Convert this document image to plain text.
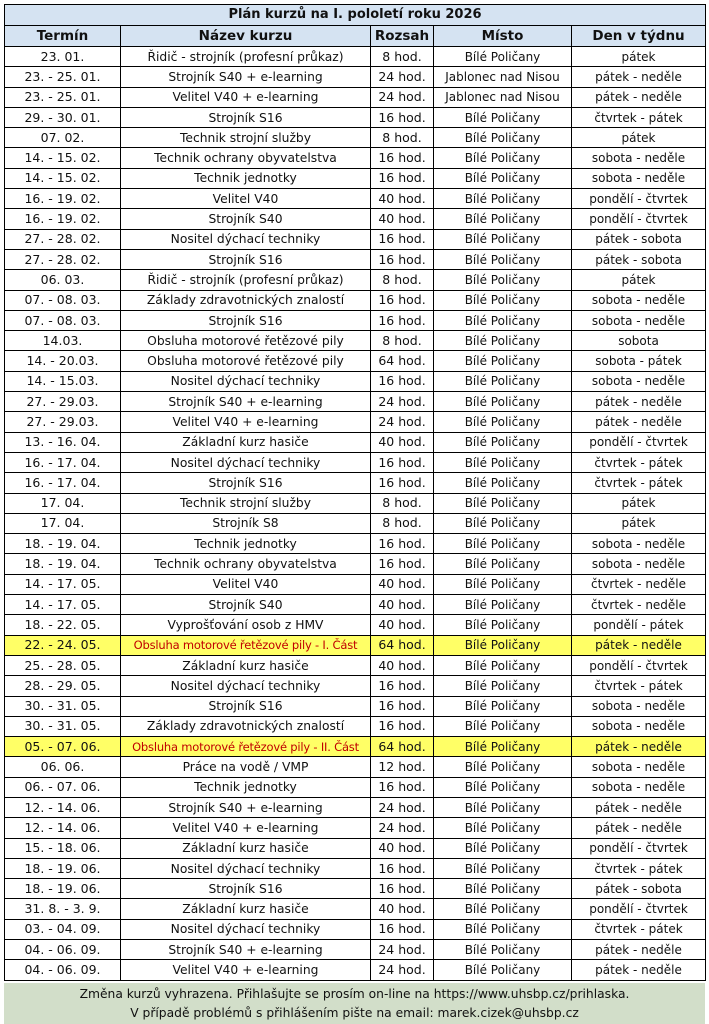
Plán kurzů na I. pololetí roku 2026				
Termín	Název kurzu	Rozsah	Místo	Den v týdnu
23. 01.	Řidič - strojník (profesní průkaz)	8 hod.	Bílé Poličany	pátek
23. - 25. 01.	Strojník S40 + e-learning	24 hod.	Jablonec nad Nisou	pátek - neděle
23. - 25. 01.	Velitel V40 + e-learning	24 hod.	Jablonec nad Nisou	pátek - neděle
29. - 30. 01.	Strojník S16	16 hod.	Bílé Poličany	čtvrtek - pátek
07. 02.	Technik strojní služby	8 hod.	Bílé Poličany	pátek
14. - 15. 02.	Technik ochrany obyvatelstva	16 hod.	Bílé Poličany	sobota - neděle
14. - 15. 02.	Technik jednotky	16 hod.	Bílé Poličany	sobota - neděle
16. - 19. 02.	Velitel V40	40 hod.	Bílé Poličany	pondělí - čtvrtek
16. - 19. 02.	Strojník S40	40 hod.	Bílé Poličany	pondělí - čtvrtek
27. - 28. 02.	Nositel dýchací techniky	16 hod.	Bílé Poličany	pátek - sobota
27. - 28. 02.	Strojník S16	16 hod.	Bílé Poličany	pátek - sobota
06. 03.	Řidič - strojník (profesní průkaz)	8 hod.	Bílé Poličany	pátek
07. - 08. 03.	Základy zdravotnických znalostí	16 hod.	Bílé Poličany	sobota - neděle
07. - 08. 03.	Strojník S16	16 hod.	Bílé Poličany	sobota - neděle
14.03.	Obsluha motorové řetězové pily	8 hod.	Bílé Poličany	sobota
14. - 20.03.	Obsluha motorové řetězové pily	64 hod.	Bílé Poličany	sobota - pátek
14. - 15.03.	Nositel dýchací techniky	16 hod.	Bílé Poličany	sobota - neděle
27. - 29.03.	Strojník S40 + e-learning	24 hod.	Bílé Poličany	pátek - neděle
27. - 29.03.	Velitel V40 + e-learning	24 hod.	Bílé Poličany	pátek - neděle
13. - 16. 04.	Základní kurz hasiče	40 hod.	Bílé Poličany	pondělí - čtvrtek
16. - 17. 04.	Nositel dýchací techniky	16 hod.	Bílé Poličany	čtvrtek - pátek
16. - 17. 04.	Strojník S16	16 hod.	Bílé Poličany	čtvrtek - pátek
17. 04.	Technik strojní služby	8 hod.	Bílé Poličany	pátek
17. 04.	Strojník S8	8 hod.	Bílé Poličany	pátek
18. - 19. 04.	Technik jednotky	16 hod.	Bílé Poličany	sobota - neděle
18. - 19. 04.	Technik ochrany obyvatelstva	16 hod.	Bílé Poličany	sobota - neděle
14. - 17. 05.	Velitel V40	40 hod.	Bílé Poličany	čtvrtek - neděle
14. - 17. 05.	Strojník S40	40 hod.	Bílé Poličany	čtvrtek - neděle
18. - 22. 05.	Vyprošťování osob z HMV	40 hod.	Bílé Poličany	pondělí - pátek
22. - 24. 05.	Obsluha motorové řetězové pily - I. Část	64 hod.	Bílé Poličany	pátek - neděle
25. - 28. 05.	Základní kurz hasiče	40 hod.	Bílé Poličany	pondělí - čtvrtek
28. - 29. 05.	Nositel dýchací techniky	16 hod.	Bílé Poličany	čtvrtek - pátek
30. - 31. 05.	Strojník S16	16 hod.	Bílé Poličany	sobota - neděle
30. - 31. 05.	Základy zdravotnických znalostí	16 hod.	Bílé Poličany	sobota - neděle
05. - 07. 06.	Obsluha motorové řetězové pily - II. Část	64 hod.	Bílé Poličany	pátek - neděle
06. 06.	Práce na vodě / VMP	12 hod.	Bílé Poličany	sobota - neděle
06. - 07. 06.	Technik jednotky	16 hod.	Bílé Poličany	sobota - neděle
12. - 14. 06.	Strojník S40 + e-learning	24 hod.	Bílé Poličany	pátek - neděle
12. - 14. 06.	Velitel V40 + e-learning	24 hod.	Bílé Poličany	pátek - neděle
15. - 18. 06.	Základní kurz hasiče	40 hod.	Bílé Poličany	pondělí - čtvrtek
18. - 19. 06.	Nositel dýchací techniky	16 hod.	Bílé Poličany	čtvrtek - pátek
18. - 19. 06.	Strojník S16	16 hod.	Bílé Poličany	pátek - sobota
31. 8. - 3. 9.	Základní kurz hasiče	40 hod.	Bílé Poličany	pondělí - čtvrtek
03. - 04. 09.	Nositel dýchací techniky	16 hod.	Bílé Poličany	čtvrtek - pátek
04. - 06. 09.	Strojník S40 + e-learning	24 hod.	Bílé Poličany	pátek - neděle
04. - 06. 09.	Velitel V40 + e-learning	24 hod.	Bílé Poličany	pátek - neděle
Změna kurzů vyhrazena. Přihlašujte se prosím on-line na https://www.uhsbp.cz/prihlaska.
V případě problémů s přihlášením pište na email: marek.cizek@uhsbp.cz
